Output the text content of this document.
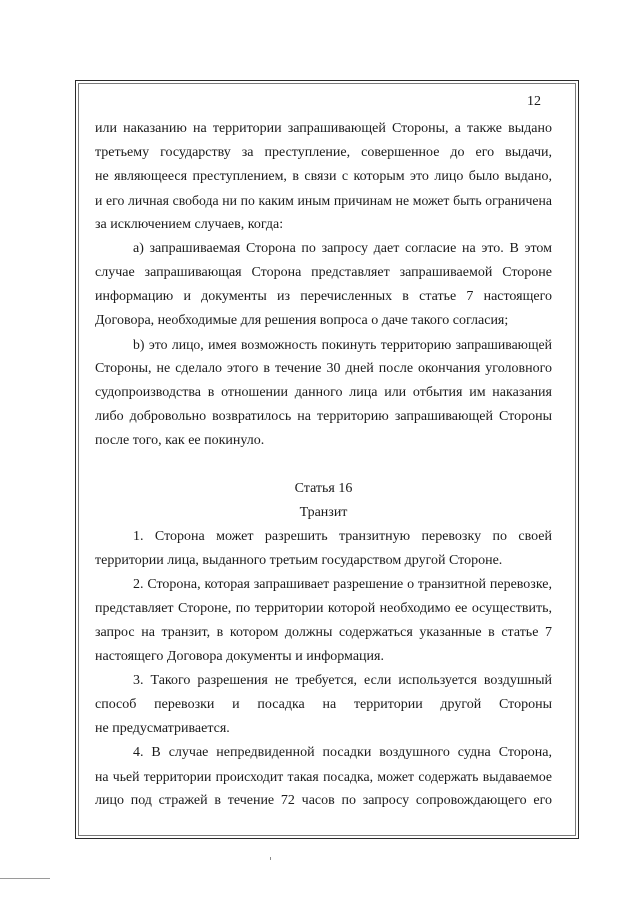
12
или наказанию на территории запрашивающей Стороны, а также выдано
третьему государству за преступление, совершенное до его выдачи,
не являющееся преступлением, в связи с которым это лицо было выдано,
и его личная свобода ни по каким иным причинам не может быть ограничена
за исключением случаев, когда:
а) запрашиваемая Сторона по запросу дает согласие на это. В этом
случае запрашивающая Сторона представляет запрашиваемой Стороне
информацию и документы из перечисленных в статье 7 настоящего
Договора, необходимые для решения вопроса о даче такого согласия;
b) это лицо, имея возможность покинуть территорию запрашивающей
Стороны, не сделало этого в течение 30 дней после окончания уголовного
судопроизводства в отношении данного лица или отбытия им наказания
либо добровольно возвратилось на территорию запрашивающей Стороны
после того, как ее покинуло.
Статья 16
Транзит
1. Сторона может разрешить транзитную перевозку по своей
территории лица, выданного третьим государством другой Стороне.
2. Сторона, которая запрашивает разрешение о транзитной перевозке,
представляет Стороне, по территории которой необходимо ее осуществить,
запрос на транзит, в котором должны содержаться указанные в статье 7
настоящего Договора документы и информация.
3. Такого разрешения не требуется, если используется воздушный
способ перевозки и посадка на территории другой Стороны
не предусматривается.
4. В случае непредвиденной посадки воздушного судна Сторона,
на чьей территории происходит такая посадка, может содержать выдаваемое
лицо под стражей в течение 72 часов по запросу сопровождающего его
